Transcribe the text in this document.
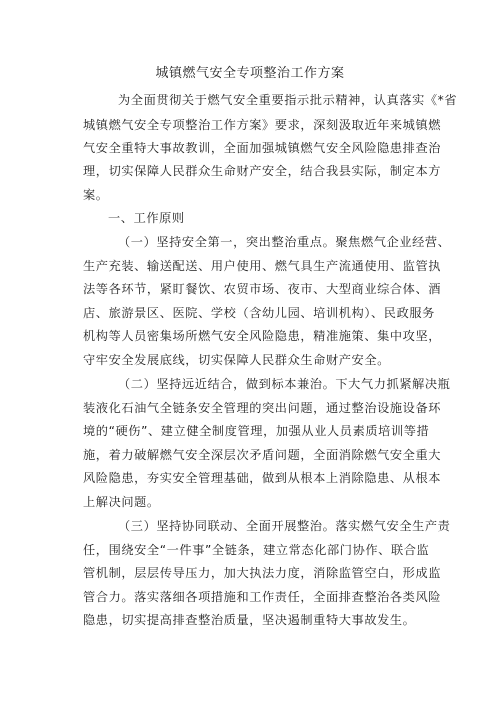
城镇燃气安全专项整治工作方案
为全面贯彻关于燃气安全重要指示批示精神，认真落实《*省
城镇燃气安全专项整治工作方案》要求，深刻汲取近年来城镇燃
气安全重特大事故教训，全面加强城镇燃气安全风险隐患排查治
理，切实保障人民群众生命财产安全，结合我县实际，制定本方
案。
一、工作原则
（一）坚持安全第一，突出整治重点。聚焦燃气企业经营、
生产充装、输送配送、用户使用、燃气具生产流通使用、监管执
法等各环节，紧盯餐饮、农贸市场、夜市、大型商业综合体、酒
店、旅游景区、医院、学校（含幼儿园、培训机构）、民政服务
机构等人员密集场所燃气安全风险隐患，精准施策、集中攻坚，
守牢安全发展底线，切实保障人民群众生命财产安全。
（二）坚持远近结合，做到标本兼治。下大气力抓紧解决瓶
装液化石油气全链条安全管理的突出问题，通过整治设施设备环
境的“硬伤”、建立健全制度管理，加强从业人员素质培训等措
施，着力破解燃气安全深层次矛盾问题，全面消除燃气安全重大
风险隐患，夯实安全管理基础，做到从根本上消除隐患、从根本
上解决问题。
（三）坚持协同联动、全面开展整治。落实燃气安全生产责
任，围绕安全“一件事”全链条，建立常态化部门协作、联合监
管机制，层层传导压力，加大执法力度，消除监管空白，形成监
管合力。落实落细各项措施和工作责任，全面排查整治各类风险
隐患，切实提高排查整治质量，坚决遏制重特大事故发生。
